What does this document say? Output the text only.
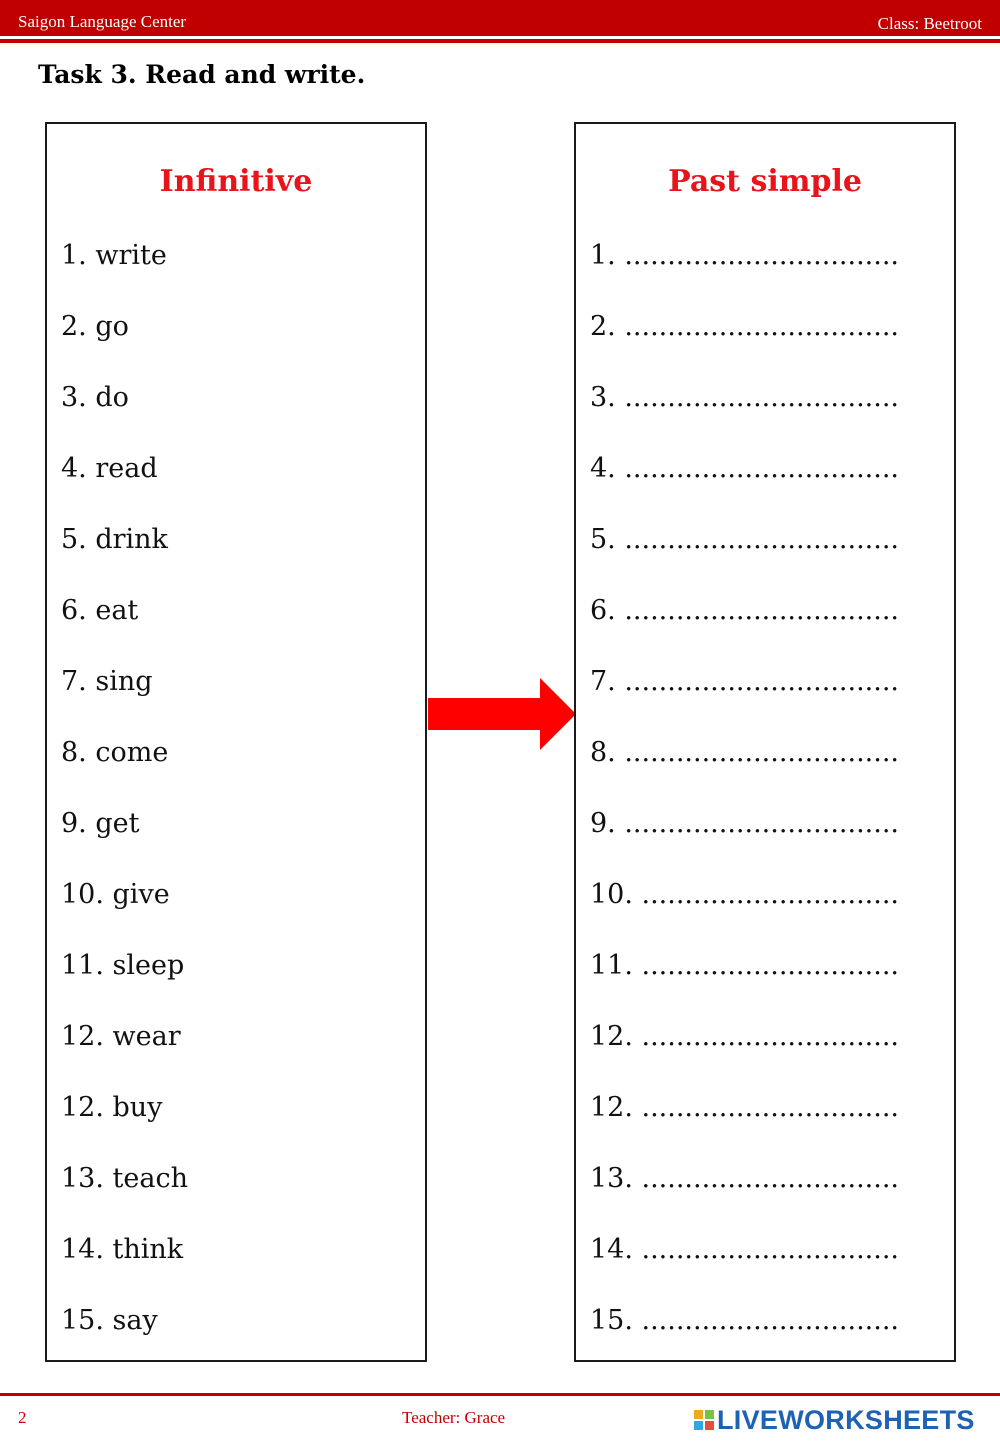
Saigon Language Center	Class: Beetroot
Task 3. Read and write.
Infinitive
1. write
2. go
3. do
4. read
5. drink
6. eat
7. sing
8. come
9. get
10. give
11. sleep
12. wear
12. buy
13. teach
14. think
15. say
Past simple
1. ................................
2. ................................
3. ................................
4. ................................
5. ................................
6. ................................
7. ................................
8. ................................
9. ................................
10. ..............................
11. ..............................
12. ..............................
12. ..............................
13. ..............................
14. ..............................
15. ..............................
2	Teacher: Grace	LIVEWORKSHEETS
